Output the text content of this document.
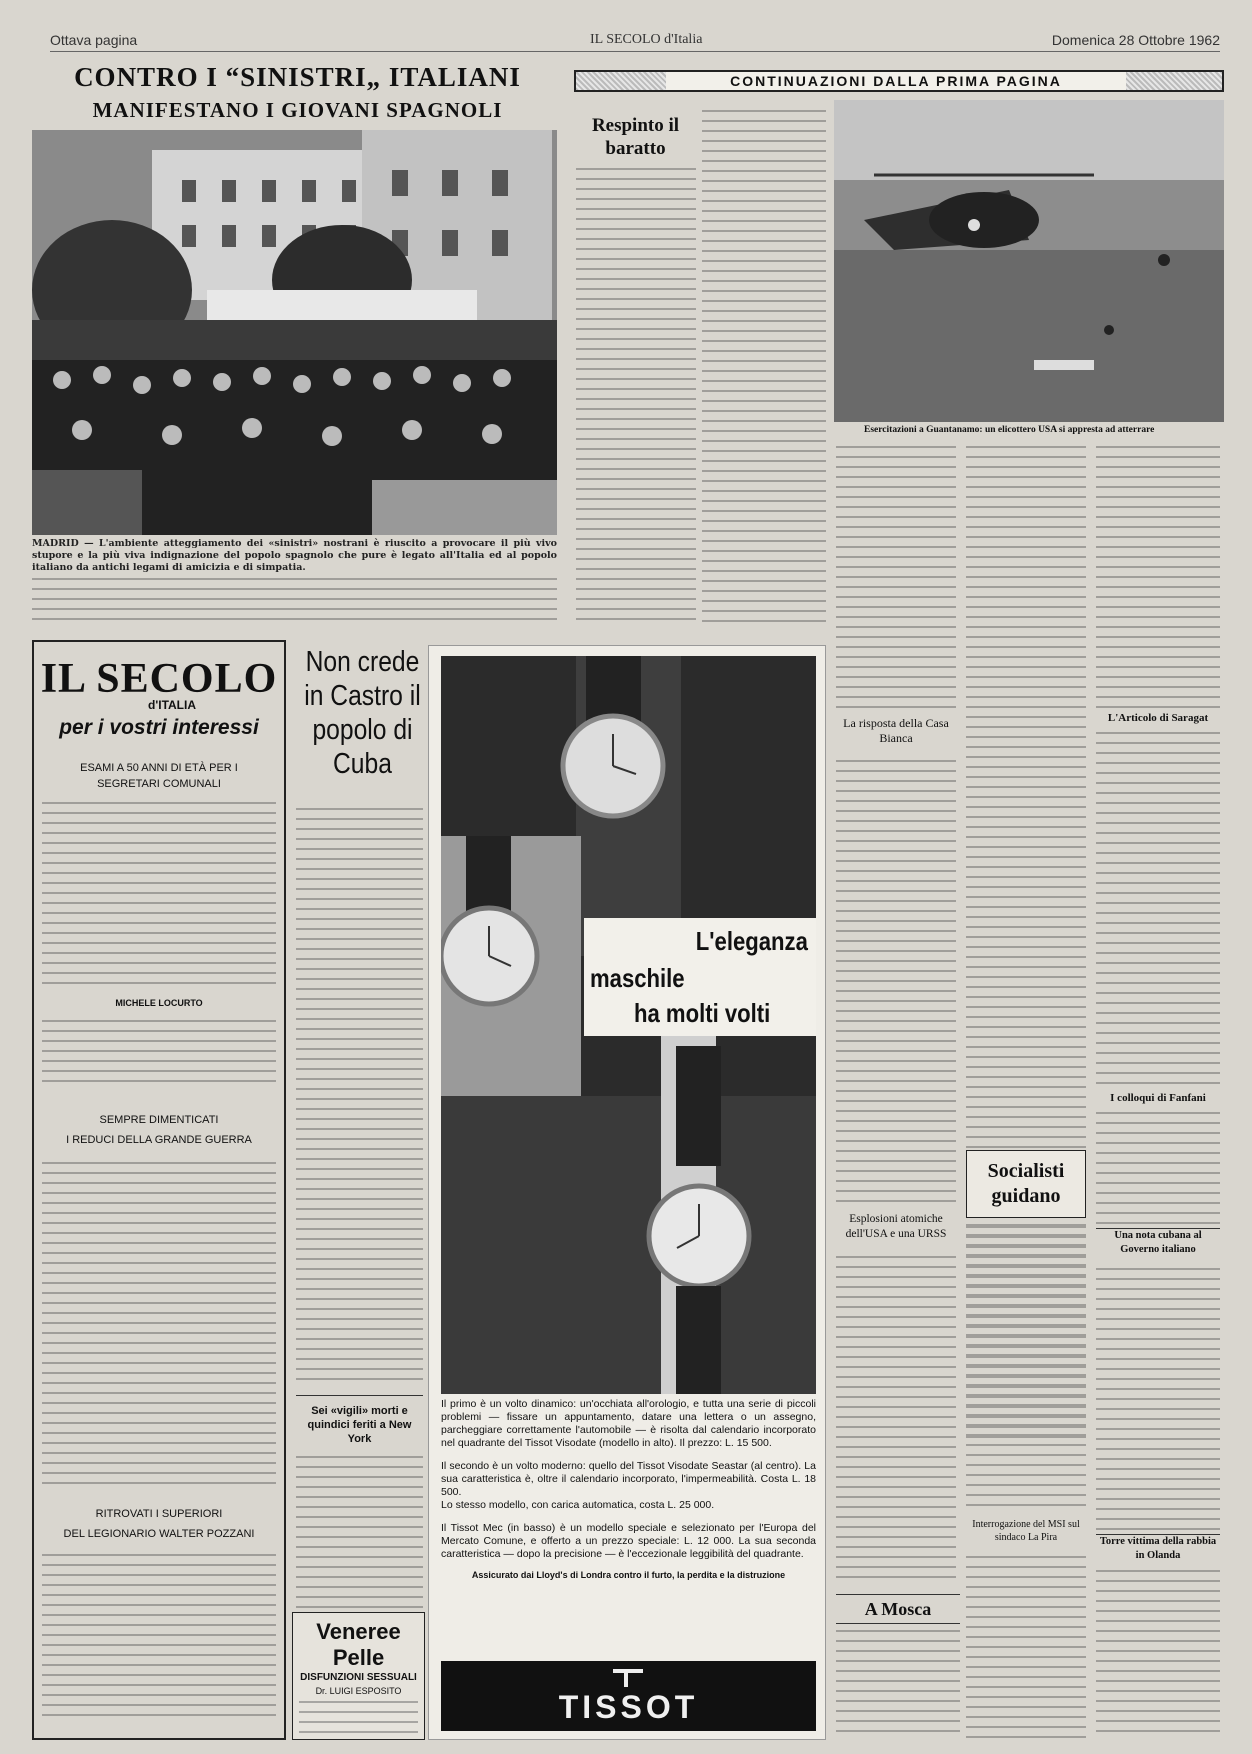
Ottava pagina	IL SECOLO d'Italia	Domenica 28 Ottobre 1962
CONTRO I “SINISTRI„ ITALIANI
MANIFESTANO I GIOVANI SPAGNOLI
MADRID — L'ambiente atteggiamento dei «sinistri» nostrani è riuscito a provocare il più vivo stupore e la più viva indignazione del popolo spagnolo che pure è legato all'Italia ed al popolo italiano da antichi legami di amicizia e di simpatia.
CONTINUAZIONI DALLA PRIMA PAGINA
Respinto il baratto
Esercitazioni a Guantanamo: un elicottero USA si appresta ad atterrare
La risposta della Casa Bianca
Esplosioni atomiche dell'USA e una URSS
A Mosca
Socialisti guidano
Interrogazione del MSI sul sindaco La Pira
L'Articolo di Saragat
I colloqui di Fanfani
Una nota cubana al Governo italiano
Torre vittima della rabbia in Olanda
IL SECOLO
d'ITALIA
per i vostri interessi
ESAMI A 50 ANNI DI ETÀ PER I SEGRETARI COMUNALI
MICHELE LOCURTO
SEMPRE DIMENTICATI
I REDUCI DELLA GRANDE GUERRA
RITROVATI I SUPERIORI
DEL LEGIONARIO WALTER POZZANI
Non crede in Castro il popolo di Cuba
Sei «vigili» morti e quindici feriti a New York
Veneree Pelle
DISFUNZIONI SESSUALI
Dr. LUIGI ESPOSITO
L'eleganza
maschile
ha molti volti

Il primo è un volto dinamico: un'occhiata all'orologio, e tutta una serie di piccoli problemi — fissare un appuntamento, datare una lettera o un assegno, parcheggiare correttamente l'automobile — è risolta dal calendario incorporato nel quadrante del Tissot Visodate (modello in alto). Il prezzo: L. 15 500.

Il secondo è un volto moderno: quello del Tissot Visodate Seastar (al centro). La sua caratteristica è, oltre il calendario incorporato, l'impermeabilità. Costa L. 18 500.

Lo stesso modello, con carica automatica, costa L. 25 000.

Il Tissot Mec (in basso) è un modello speciale e selezionato per l'Europa del Mercato Comune, e offerto a un prezzo speciale: L. 12 000. La sua seconda caratteristica — dopo la precisione — è l'eccezionale leggibilità del quadrante.

Assicurato dai Lloyd's di Londra contro il furto, la perdita e la distruzione

TISSOT
